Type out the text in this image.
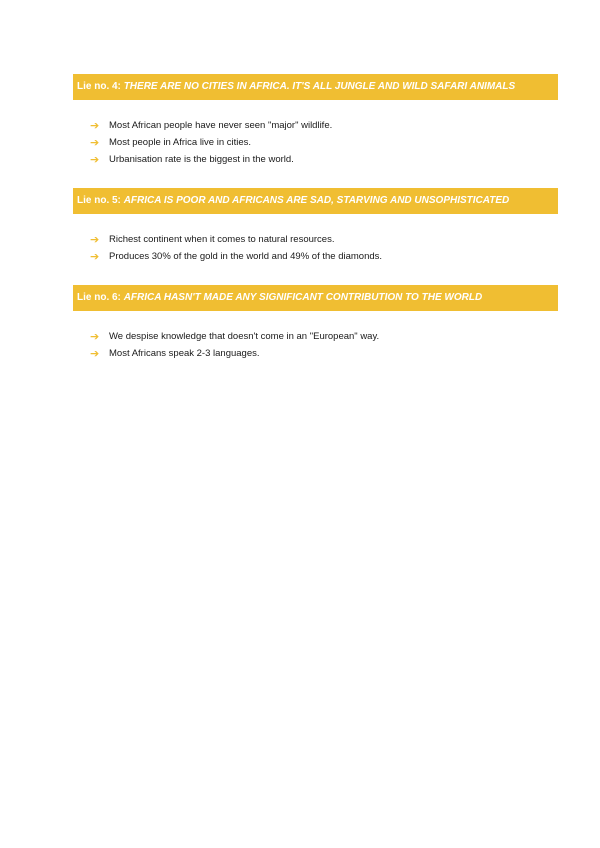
Lie no. 4: THERE ARE NO CITIES IN AFRICA. IT'S ALL JUNGLE AND WILD SAFARI ANIMALS
➔ Most African people have never seen "major" wildlife.
➔ Most people in Africa live in cities.
➔ Urbanisation rate is the biggest in the world.
Lie no. 5: AFRICA IS POOR AND AFRICANS ARE SAD, STARVING AND UNSOPHISTICATED
➔ Richest continent when it comes to natural resources.
➔ Produces 30% of the gold in the world and 49% of the diamonds.
Lie no. 6: AFRICA HASN'T MADE ANY SIGNIFICANT CONTRIBUTION TO THE WORLD
➔ We despise knowledge that doesn't come in an "European" way.
➔ Most Africans speak 2-3 languages.
